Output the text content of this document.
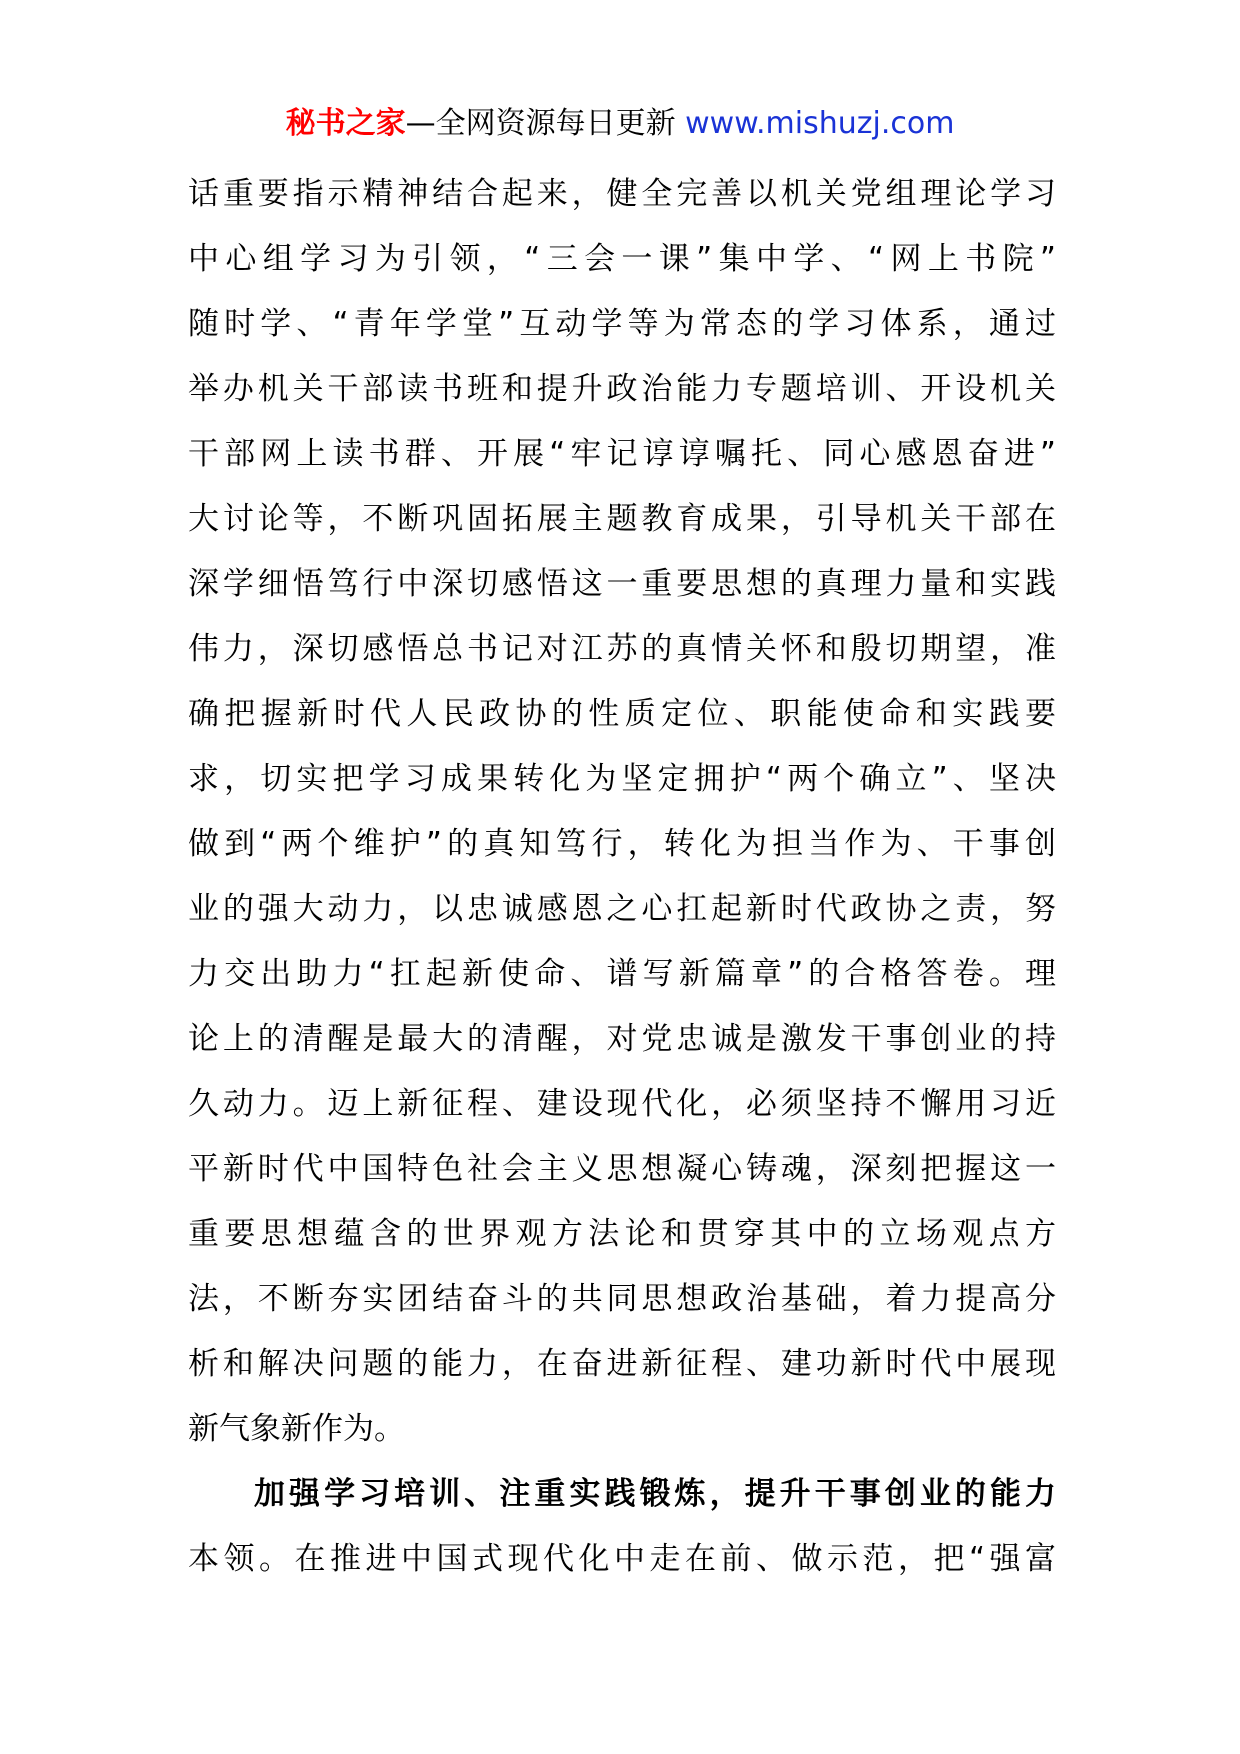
秘书之家—全网资源每日更新 www.mishuzj.com
话重要指示精神结合起来，健全完善以机关党组理论学习
中心组学习为引领，“三会一课”集中学、“网上书院”
随时学、“青年学堂”互动学等为常态的学习体系，通过
举办机关干部读书班和提升政治能力专题培训、开设机关
干部网上读书群、开展“牢记谆谆嘱托、同心感恩奋进”
大讨论等，不断巩固拓展主题教育成果，引导机关干部在
深学细悟笃行中深切感悟这一重要思想的真理力量和实践
伟力，深切感悟总书记对江苏的真情关怀和殷切期望，准
确把握新时代人民政协的性质定位、职能使命和实践要
求，切实把学习成果转化为坚定拥护“两个确立”、坚决
做到“两个维护”的真知笃行，转化为担当作为、干事创
业的强大动力，以忠诚感恩之心扛起新时代政协之责，努
力交出助力“扛起新使命、谱写新篇章”的合格答卷。理
论上的清醒是最大的清醒，对党忠诚是激发干事创业的持
久动力。迈上新征程、建设现代化，必须坚持不懈用习近
平新时代中国特色社会主义思想凝心铸魂，深刻把握这一
重要思想蕴含的世界观方法论和贯穿其中的立场观点方
法，不断夯实团结奋斗的共同思想政治基础，着力提高分
析和解决问题的能力，在奋进新征程、建功新时代中展现
新气象新作为。
加强学习培训、注重实践锻炼，提升干事创业的能力
本领。在推进中国式现代化中走在前、做示范，把“强富
